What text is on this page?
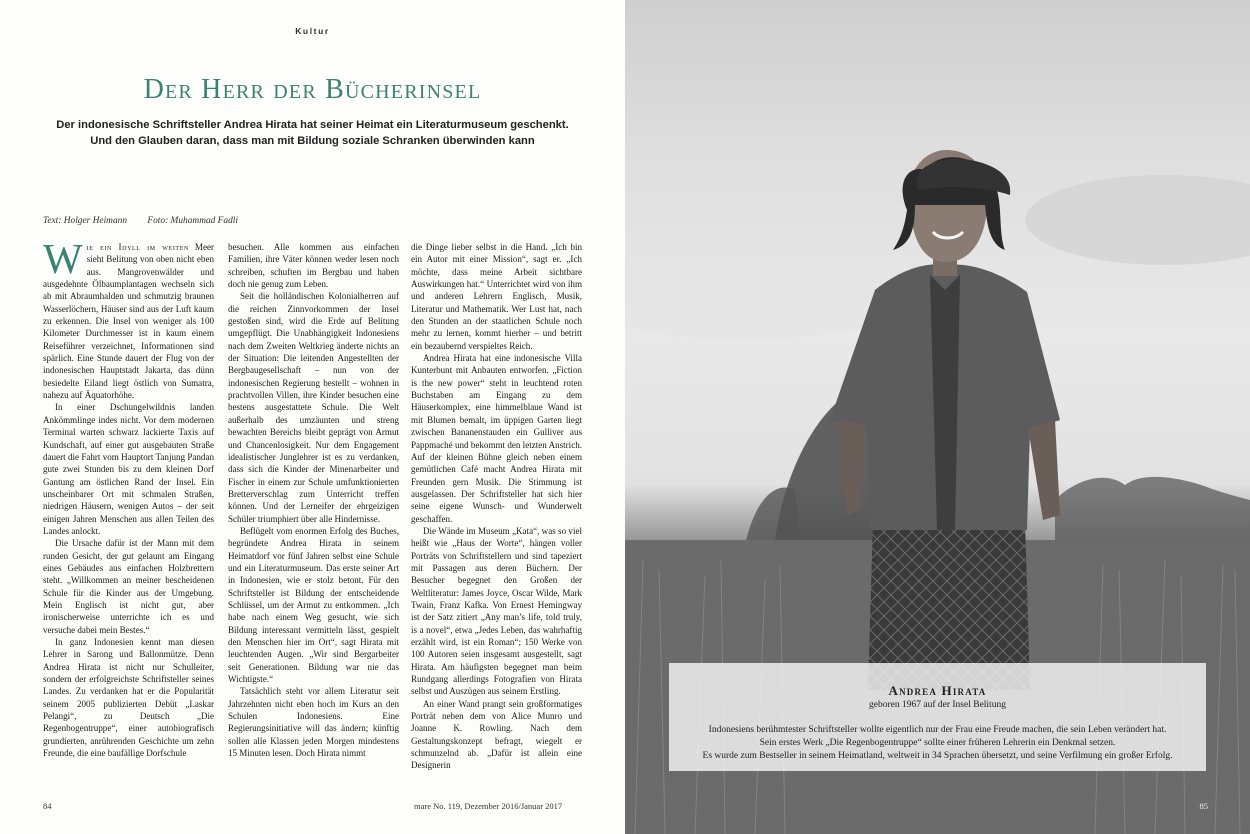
Kultur
Der Herr der Bücherinsel
Der indonesische Schriftsteller Andrea Hirata hat seiner Heimat ein Literaturmuseum geschenkt.
Und den Glauben daran, dass man mit Bildung soziale Schranken überwinden kann
Text: Holger Heimann Foto: Muhammad Fadli

Wie ein Idyll im weiten Meer sieht Belitung von oben nicht eben aus. Mangrovenwälder und ausgedehnte Ölbaumplantagen wechseln sich ab mit Abraumhalden und schmutzig braunen Wasserlöchern, Häuser sind aus der Luft kaum zu erkennen. Die Insel von weniger als 100 Kilometer Durchmesser ist in kaum einem Reiseführer verzeichnet, Informationen sind spärlich. Eine Stunde dauert der Flug von der indonesischen Hauptstadt Jakarta, das dünn besiedelte Eiland liegt östlich von Sumatra, nahezu auf Äquatorhöhe.

In einer Dschungelwildnis landen Ankömmlinge indes nicht. Vor dem modernen Terminal warten schwarz lackierte Taxis auf Kundschaft, auf einer gut ausgebauten Straße dauert die Fahrt vom Hauptort Tanjung Pandan gute zwei Stunden bis zu dem kleinen Dorf Gantung am östlichen Rand der Insel. Ein unscheinbarer Ort mit schmalen Straßen, niedrigen Häusern, wenigen Autos – der seit einigen Jahren Menschen aus allen Teilen des Landes anlockt.

Die Ursache dafür ist der Mann mit dem runden Gesicht, der gut gelaunt am Eingang eines Gebäudes aus einfachen Holzbrettern steht. „Willkommen an meiner bescheidenen Schule für die Kinder aus der Umgebung. Mein Englisch ist nicht gut, aber ironischerweise unterrichte ich es und versuche dabei mein Bestes.“

In ganz Indonesien kennt man diesen Lehrer in Sarong und Ballonmütze. Denn Andrea Hirata ist nicht nur Schulleiter, sondern der erfolgreichste Schriftsteller seines Landes. Zu verdanken hat er die Popularität seinem 2005 publizierten Debüt „Laskar Pelangi“, zu Deutsch „Die Regenbogentruppe“, einer autobiografisch grundierten, anrührenden Geschichte um zehn Freunde, die eine baufällige Dorfschule

besuchen. Alle kommen aus einfachen Familien, ihre Väter können weder lesen noch schreiben, schuften im Bergbau und haben doch nie genug zum Leben.

Seit die holländischen Kolonialherren auf die reichen Zinnvorkommen der Insel gestoßen sind, wird die Erde auf Belitung umgepflügt. Die Unabhängigkeit Indonesiens nach dem Zweiten Weltkrieg änderte nichts an der Situation: Die leitenden Angestellten der Bergbaugesellschaft – nun von der indonesischen Regierung bestellt – wohnen in prachtvollen Villen, ihre Kinder besuchen eine bestens ausgestattete Schule. Die Welt außerhalb des umzäunten und streng bewachten Bereichs bleibt geprägt von Armut und Chancenlosigkeit. Nur dem Engagement idealistischer Junglehrer ist es zu verdanken, dass sich die Kinder der Minenarbeiter und Fischer in einem zur Schule umfunktionierten Bretterverschlag zum Unterricht treffen können. Und der Lerneifer der ehrgeizigen Schüler triumphiert über alle Hindernisse.

Beflügelt vom enormen Erfolg des Buches, begründete Andrea Hirata in seinem Heimatdorf vor fünf Jahren selbst eine Schule und ein Literaturmuseum. Das erste seiner Art in Indonesien, wie er stolz betont. Für den Schriftsteller ist Bildung der entscheidende Schlüssel, um der Armut zu entkommen. „Ich habe nach einem Weg gesucht, wie sich Bildung interessant vermitteln lässt, gespielt den Menschen hier im Ort“, sagt Hirata mit leuchtenden Augen. „Wir sind Bergarbeiter seit Generationen. Bildung war nie das Wichtigste.“

Tatsächlich steht vor allem Literatur seit Jahrzehnten nicht eben hoch im Kurs an den Schulen Indonesiens. Eine Regierungsinitiative will das ändern; künftig sollen alle Klassen jeden Morgen mindestens 15 Minuten lesen. Doch Hirata nimmt

die Dinge lieber selbst in die Hand. „Ich bin ein Autor mit einer Mission“, sagt er. „Ich möchte, dass meine Arbeit sichtbare Auswirkungen hat.“ Unterrichtet wird von ihm und anderen Lehrern Englisch, Musik, Literatur und Mathematik. Wer Lust hat, nach den Stunden an der staatlichen Schule noch mehr zu lernen, kommt hierher – und betritt ein bezaubernd verspieltes Reich.

Andrea Hirata hat eine indonesische Villa Kunterbunt mit Anbauten entworfen. „Fiction is the new power“ steht in leuchtend roten Buchstaben am Eingang zu dem Häuserkomplex, eine himmelblaue Wand ist mit Blumen bemalt, im üppigen Garten liegt zwischen Bananenstauden ein Gulliver aus Pappmaché und bekommt den letzten Anstrich. Auf der kleinen Bühne gleich neben einem gemütlichen Café macht Andrea Hirata mit Freunden gern Musik. Die Stimmung ist ausgelassen. Der Schriftsteller hat sich hier seine eigene Wunsch- und Wunderwelt geschaffen.

Die Wände im Museum „Kata“, was so viel heißt wie „Haus der Worte“, hängen voller Porträts von Schriftstellern und sind tapeziert mit Passagen aus deren Büchern. Der Besucher begegnet den Großen der Weltliteratur: James Joyce, Oscar Wilde, Mark Twain, Franz Kafka. Von Ernest Hemingway ist der Satz zitiert „Any man’s life, told truly, is a novel“, etwa „Jedes Leben, das wahrhaftig erzählt wird, ist ein Roman“; 150 Werke von 100 Autoren seien insgesamt ausgestellt, sagt Hirata. Am häufigsten begegnet man beim Rundgang allerdings Fotografien von Hirata selbst und Auszügen aus seinem Erstling.

An einer Wand prangt sein großformatiges Porträt neben dem von Alice Munro und Joanne K. Rowling. Nach dem Gestaltungskonzept befragt, wiegelt er schmunzelnd ab. „Dafür ist allein eine Designerin

84	mare No. 119, Dezember 2016/Januar 2017
Andrea Hirata
geboren 1967 auf der Insel Belitung
Indonesiens berühmtester Schriftsteller wollte eigentlich nur der Frau eine Freude machen, die sein Leben verändert hat.
Sein erstes Werk „Die Regenbogentruppe“ sollte einer früheren Lehrerin ein Denkmal setzen.
Es wurde zum Bestseller in seinem Heimatland, weltweit in 34 Sprachen übersetzt, und seine Verfilmung ein großer Erfolg.
85
